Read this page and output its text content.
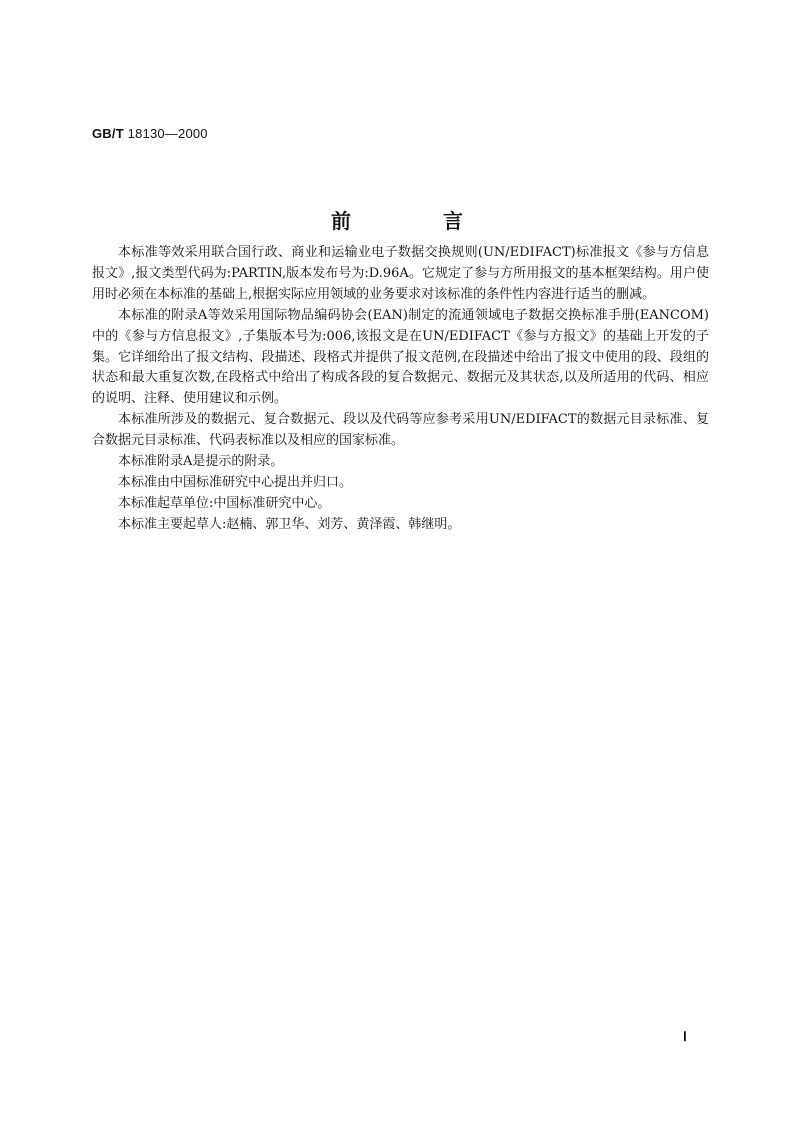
GB/T 18130—2000
前　言

本标准等效采用联合国行政、商业和运输业电子数据交换规则(UN/EDIFACT)标准报文《参与方信息报文》,报文类型代码为:PARTIN,版本发布号为:D.96A。它规定了参与方所用报文的基本框架结构。用户使用时必须在本标准的基础上,根据实际应用领域的业务要求对该标准的条件性内容进行适当的删减。

本标准的附录A等效采用国际物品编码协会(EAN)制定的流通领域电子数据交换标准手册(EANCOM)中的《参与方信息报文》,子集版本号为:006,该报文是在UN/EDIFACT《参与方报文》的基础上开发的子集。它详细给出了报文结构、段描述、段格式并提供了报文范例,在段描述中给出了报文中使用的段、段组的状态和最大重复次数,在段格式中给出了构成各段的复合数据元、数据元及其状态,以及所适用的代码、相应的说明、注释、使用建议和示例。

本标准所涉及的数据元、复合数据元、段以及代码等应参考采用UN/EDIFACT的数据元目录标准、复合数据元目录标准、代码表标准以及相应的国家标准。

本标准附录A是提示的附录。

本标准由中国标准研究中心提出并归口。

本标准起草单位:中国标准研究中心。

本标准主要起草人:赵楠、郭卫华、刘芳、黄泽霞、韩继明。

Ⅰ
